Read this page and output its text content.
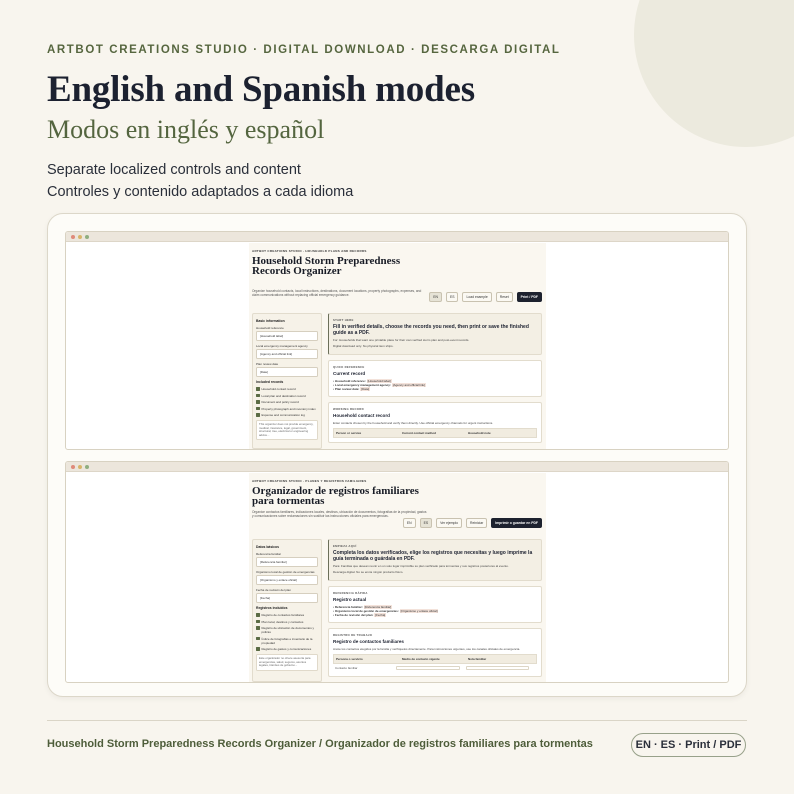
ARTBOT CREATIONS STUDIO · DIGITAL DOWNLOAD · DESCARGA DIGITAL
English and Spanish modes
Modos en inglés y español
Separate localized controls and content
Controles y contenido adaptados a cada idioma
ARTBOT CREATIONS STUDIO · HOUSEHOLD PLANS AND RECORDS
Household Storm Preparedness Records Organizer
Organize household contacts, local instructions, destinations, document locations, property photographs, expenses, and claim communications without replacing official emergency guidance.	EN	ES	Load example	Reset	Print / PDF
Basic information
Household reference
[Household label]
Local emergency management agency
[Agency and official link]
Plan review date
[Date]
Included records
Household contact record
Local plan and destination record
Document and policy record
Property photograph and inventory index
Expense and communication log
This organizer does not provide emergency, medical, insurance, legal, government, structural, tree, electrical or engineering advice...
START HERE
Fill in verified details, choose the records you need, then print or save the finished guide as a PDF.
For: Households that want one printable place for their own verified storm plan and post-event records.
Digital download only. No physical item ships.
QUICK REFERENCE
Current record
• Household reference: [Household label]
• Local emergency management agency: [Agency and official link]
• Plan review date: [Date]
WORKING RECORD
Household contact record
Enter contacts chosen by the household and verify them directly. Use official emergency channels for urgent instructions.
Person or service	Current contact method	Household note
ARTBOT CREATIONS STUDIO · PLANES Y REGISTROS FAMILIARES
Organizador de registros familiares para tormentas
Organice contactos familiares, indicaciones locales, destinos, ubicación de documentos, fotografías de la propiedad, gastos y comunicaciones sobre reclamaciones sin sustituir las instrucciones oficiales para emergencias.
EN	ES	Ver ejemplo	Reiniciar	Imprimir o guardar en PDF
Datos básicos
Referencia familiar
[Referencia familiar]
Organismo local de gestión de emergencias
[Organismo y enlace oficial]
Fecha de revisión del plan
[Fecha]
Registros incluidos
Registro de contactos familiares
Plan local, destinos y contactos
Registro de ubicación de documentos y pólizas
Índice de fotografías e inventario de la propiedad
Registro de gastos y comunicaciones
Este organizador no ofrece asesoría para emergencias, salud, seguros, asuntos legales, trámites de gobierno...
EMPIEZA AQUÍ
Completa los datos verificados, elige los registros que necesitas y luego imprime la guía terminada o guárdala en PDF.
Para: Familias que desean reunir en un solo lugar imprimible su plan verificado para tormentas y sus registros posteriores al evento.
Descarga digital. No se envía ningún producto físico.
REFERENCIA RÁPIDA
Registro actual
• Referencia familiar: [Referencia familiar]
• Organismo local de gestión de emergencias: [Organismo y enlace oficial]
• Fecha de revisión del plan: [Fecha]
REGISTRO DE TRABAJO
Registro de contactos familiares
Anote los contactos elegidos por la familia y verifíquelos directamente. Para instrucciones urgentes, use los canales oficiales de emergencia.
Persona o servicio	Medio de contacto vigente	Nota familiar
Contacto familiar
Household Storm Preparedness Records Organizer / Organizador de registros familiares para tormentas	EN · ES · Print / PDF
